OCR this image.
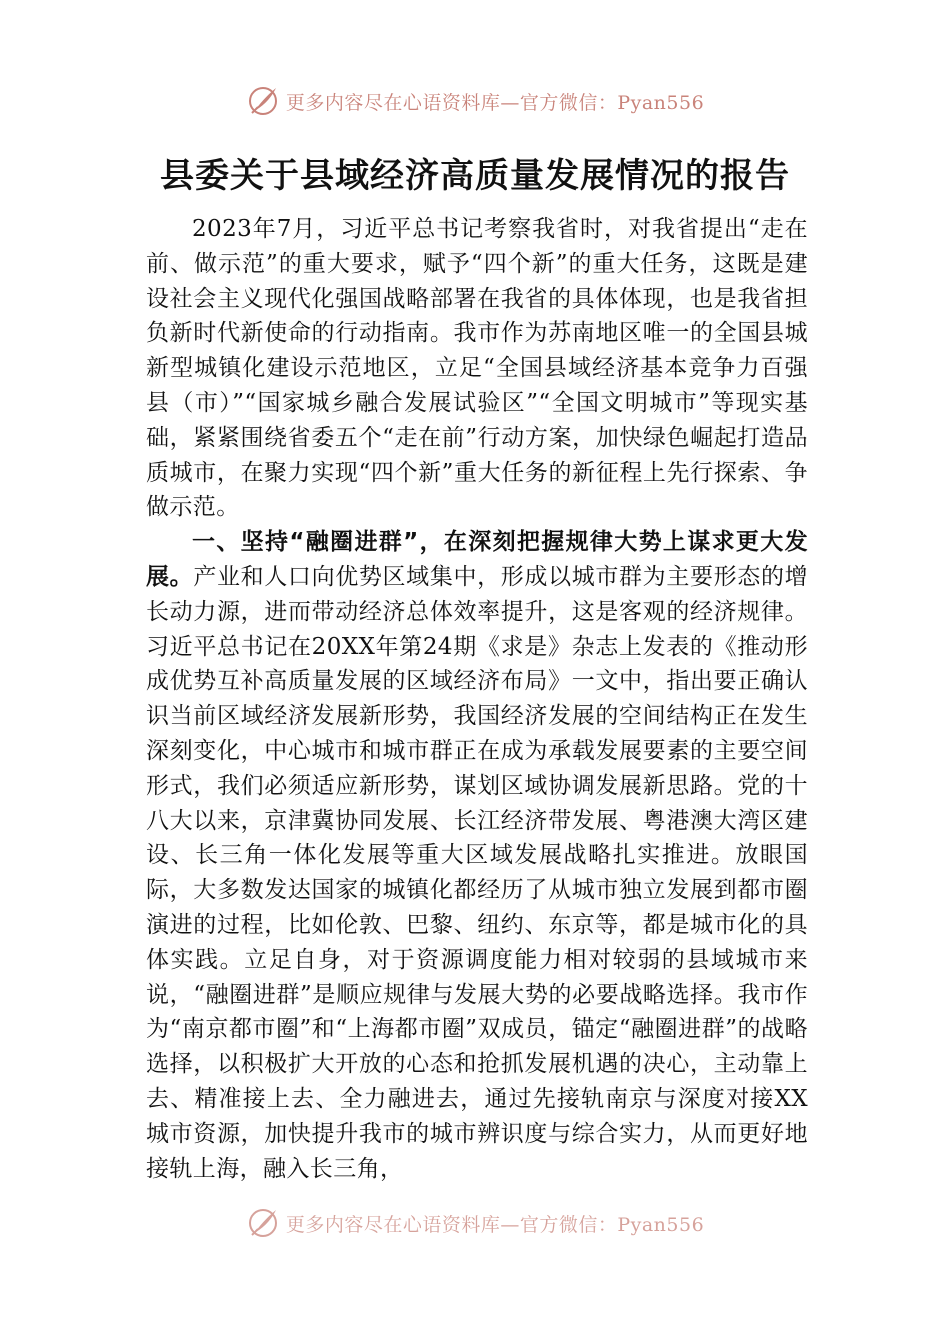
更多内容尽在心语资料库—官方微信：Pyan556
县委关于县域经济高质量发展情况的报告

2023年7月，习近平总书记考察我省时，对我省提出“走在前、做示范”的重大要求，赋予“四个新”的重大任务，这既是建设社会主义现代化强国战略部署在我省的具体体现，也是我省担负新时代新使命的行动指南。我市作为苏南地区唯一的全国县城新型城镇化建设示范地区，立足“全国县域经济基本竞争力百强县（市）”“国家城乡融合发展试验区”“全国文明城市”等现实基础，紧紧围绕省委五个“走在前”行动方案，加快绿色崛起打造品质城市，在聚力实现“四个新”重大任务的新征程上先行探索、争做示范。

一、坚持“融圈进群”，在深刻把握规律大势上谋求更大发展。产业和人口向优势区域集中，形成以城市群为主要形态的增长动力源，进而带动经济总体效率提升，这是客观的经济规律。习近平总书记在20XX年第24期《求是》杂志上发表的《推动形成优势互补高质量发展的区域经济布局》一文中，指出要正确认识当前区域经济发展新形势，我国经济发展的空间结构正在发生深刻变化，中心城市和城市群正在成为承载发展要素的主要空间形式，我们必须适应新形势，谋划区域协调发展新思路。党的十八大以来，京津冀协同发展、长江经济带发展、粤港澳大湾区建设、长三角一体化发展等重大区域发展战略扎实推进。放眼国际，大多数发达国家的城镇化都经历了从城市独立发展到都市圈演进的过程，比如伦敦、巴黎、纽约、东京等，都是城市化的具体实践。立足自身，对于资源调度能力相对较弱的县域城市来说，“融圈进群”是顺应规律与发展大势的必要战略选择。我市作为“南京都市圈”和“上海都市圈”双成员，锚定“融圈进群”的战略选择，以积极扩大开放的心态和抢抓发展机遇的决心，主动靠上去、精准接上去、全力融进去，通过先接轨南京与深度对接XX城市资源，加快提升我市的城市辨识度与综合实力，从而更好地接轨上海，融入长三角，

更多内容尽在心语资料库—官方微信：Pyan556
